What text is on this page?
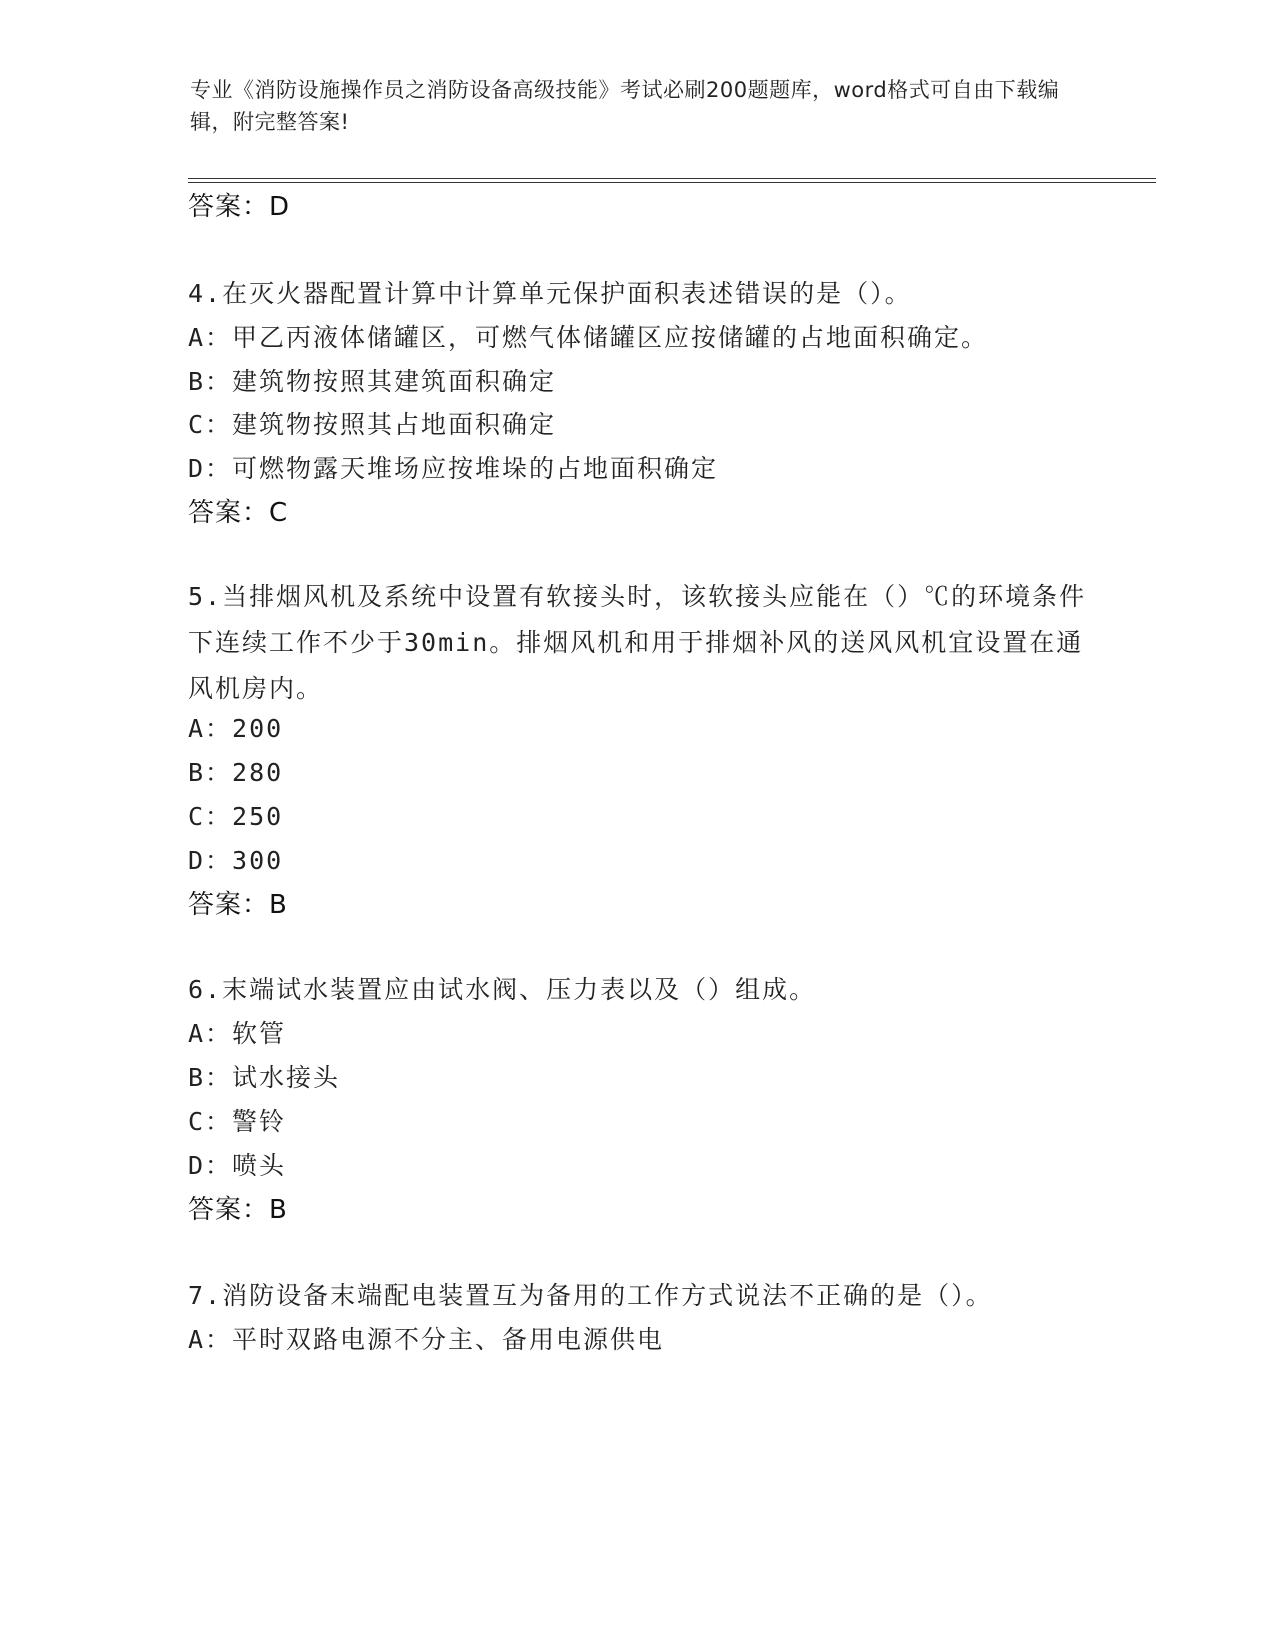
专业《消防设施操作员之消防设备高级技能》考试必刷200题题库，word格式可自由下载编辑，附完整答案!
答案：D
4.在灭火器配置计算中计算单元保护面积表述错误的是（）。
A：甲乙丙液体储罐区，可燃气体储罐区应按储罐的占地面积确定。
B：建筑物按照其建筑面积确定
C：建筑物按照其占地面积确定
D：可燃物露天堆场应按堆垛的占地面积确定
答案：C
5.当排烟风机及系统中设置有软接头时，该软接头应能在（）℃的环境条件下连续工作不少于30min。排烟风机和用于排烟补风的送风风机宜设置在通风机房内。
A：200
B：280
C：250
D：300
答案：B
6.末端试水装置应由试水阀、压力表以及（）组成。
A：软管
B：试水接头
C：警铃
D：喷头
答案：B
7.消防设备末端配电装置互为备用的工作方式说法不正确的是（）。
A：平时双路电源不分主、备用电源供电
